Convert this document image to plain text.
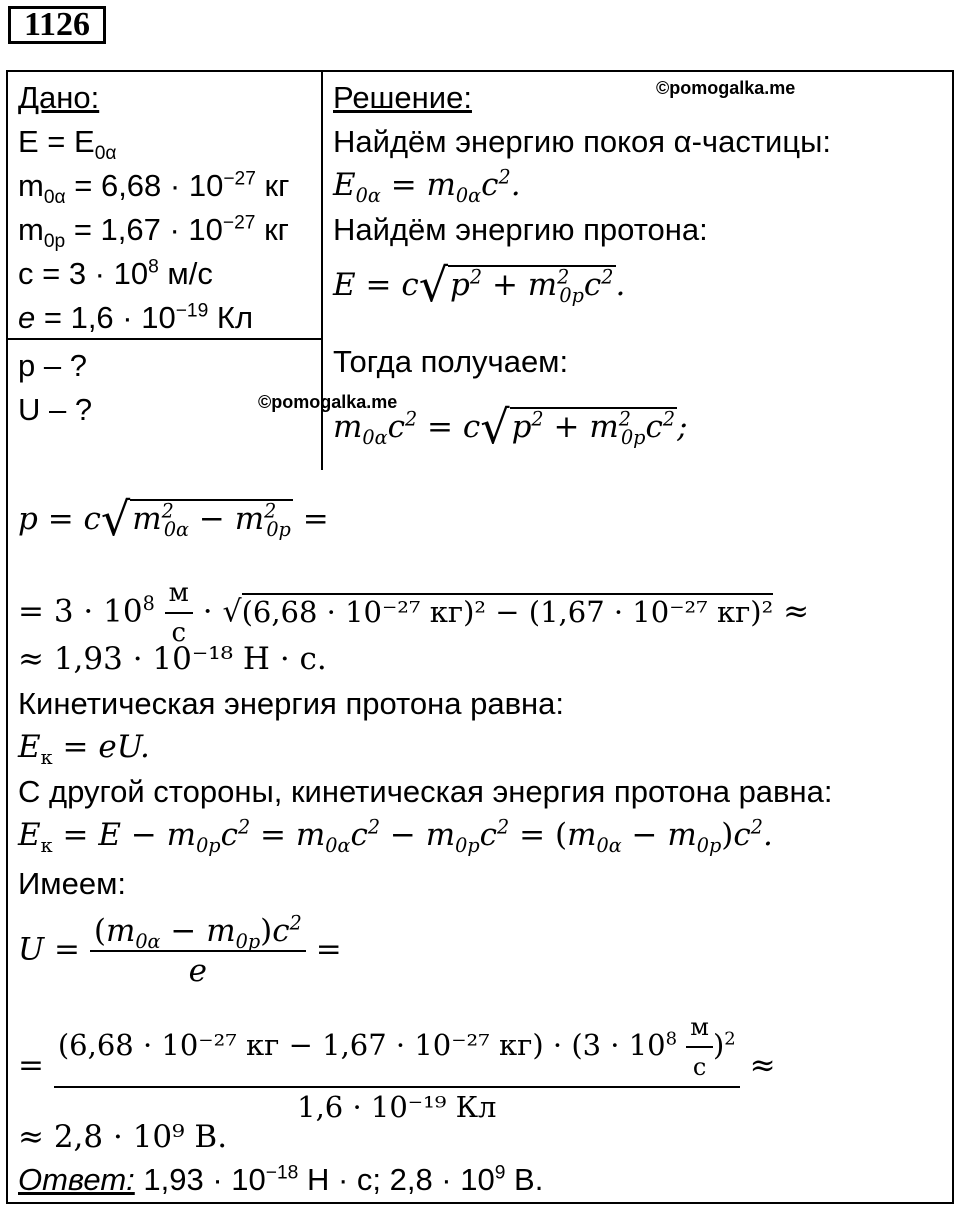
1126
©pomogalka.me
©pomogalka.me
Дано:
$E = E_{0\alpha}$
$m_{0\alpha} = 6,68 \cdot 10^{-27}$ кг
$m_{0p} = 1,67 \cdot 10^{-27}$ кг
$c = 3 \cdot 10^8$ м/с
$e = 1,6 \cdot 10^{-19}$ Кл
p – ?
U – ?
Решение:
Найдём энергию покоя α-частицы:
$E_{0\alpha} = m_{0\alpha}c^2$.
Найдём энергию протона:
$E = c√p^2 + m^2_{0p}c^2$.
Тогда получаем:
$m_{0\alpha}c^2 = c√p^2 + m^2_{0p}c^2$;
$p = c√m^2_{0\alpha} - m^2_{0p}$ =
= $3 \cdot 10^8 \frac{м}{с} \cdot √(6,68 \cdot 10^{-27}$ кг)² − (1,67 · 10⁻²⁷ кг)² ≈
≈ 1,93 · 10⁻¹⁸ Н · с.
Кинетическая энергия протона равна:
$E_к$ = eU.
С другой стороны, кинетическая энергия протона равна:
$E_к = E - m_{0p}c^2 = m_{0\alpha}c^2 - m_{0p}c^2 = (m_{0\alpha} - m_{0p})c^2$.
Имеем:
$U = \frac{(m_{0\alpha} - m_{0p})c^2}{e}$ =
= $\frac{(6,68 \cdot 10^{-27} кг - 1,67 \cdot 10^{-27} кг) \cdot (3 \cdot 10^8 \frac{м}{с} )^2}{\text{1,6 · 10⁻¹⁹ Кл}}$ ≈
≈ 2,8 · 10⁹ В.
Ответ: $1,93 \cdot 10^{-18}$ Н · с; $2,8 \cdot 10^9$ В.
